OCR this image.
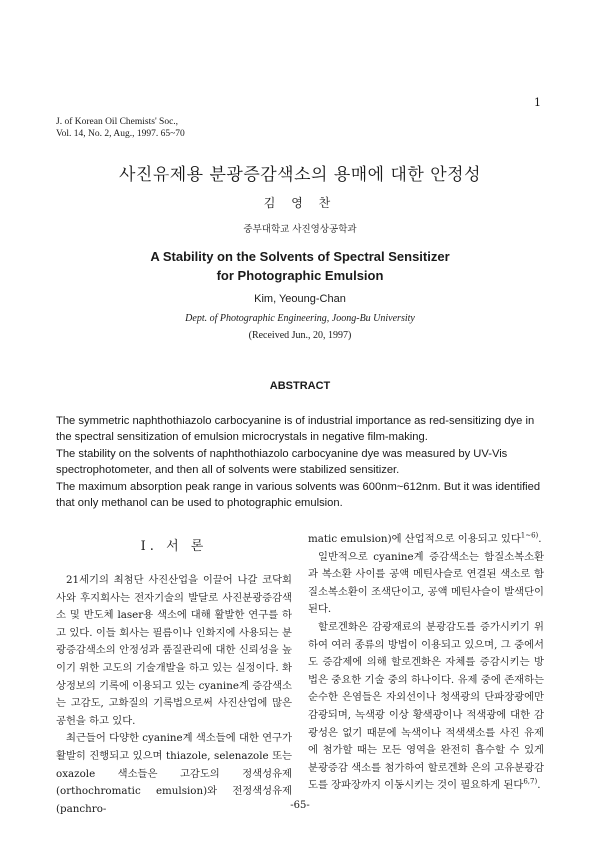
1
J. of Korean Oil Chemists' Soc.,
Vol. 14, No. 2, Aug., 1997. 65~70
사진유제용 분광증감색소의 용매에 대한 안정성
김 영 찬
중부대학교 사진영상공학과
A Stability on the Solvents of Spectral Sensitizer
for Photographic Emulsion
Kim, Yeoung-Chan
Dept. of Photographic Engineering, Joong-Bu University
(Received Jun., 20, 1997)
ABSTRACT

The symmetric naphthothiazolo carbocyanine is of industrial importance as red-sensitizing dye in the spectral sensitization of emulsion microcrystals in negative film-making.

The stability on the solvents of naphthothiazolo carbocyanine dye was measured by UV-Vis spectrophotometer, and then all of solvents were stabilized sensitizer.

The maximum absorption peak range in various solvents was 600nm~612nm. But it was identified that only methanol can be used to photographic emulsion.

I. 서 론

21세기의 최첨단 사진산업을 이끌어 나갈 코닥회사와 후지회사는 전자기술의 발달로 사진분광증감색소 및 반도체 laser용 색소에 대해 활발한 연구를 하고 있다. 이들 회사는 필름이나 인화지에 사용되는 분광증감색소의 안정성과 품질관리에 대한 신뢰성을 높이기 위한 고도의 기술개발을 하고 있는 실정이다. 화상정보의 기록에 이용되고 있는 cyanine계 증감색소는 고감도, 고화질의 기록법으로써 사진산업에 많은 공헌을 하고 있다.

최근들어 다양한 cyanine계 색소들에 대한 연구가 활발히 진행되고 있으며 thiazole, selenazole 또는 oxazole 색소들은 고감도의 정색성유제(orthochromatic emulsion)와 전정색성유제(panchro-

matic emulsion)에 산업적으로 이용되고 있다$^{1\sim 6)}$.

일반적으로 cyanine계 증감색소는 함질소복소환과 복소환 사이를 공액 메틴사슬로 연결된 색소로 함질소복소환이 조색단이고, 공액 메틴사슬이 발색단이 된다.

할로겐화은 감광재료의 분광감도를 증가시키기 위하여 여러 종류의 방법이 이용되고 있으며, 그 중에서도 증감제에 의해 할로겐화은 자체를 증감시키는 방법은 중요한 기술 중의 하나이다. 유제 중에 존재하는 순수한 은염들은 자외선이나 청색광의 단파장광에만 감광되며, 녹색광 이상 황색광이나 적색광에 대한 감광성은 없기 때문에 녹색이나 적색색소를 사진 유제에 첨가할 때는 모든 영역을 완전히 흡수할 수 있게 분광증감 색소를 첨가하여 할로겐화 은의 고유분광감도를 장파장까지 이동시키는 것이 필요하게 된다$^{6,7)}$.

-65-
